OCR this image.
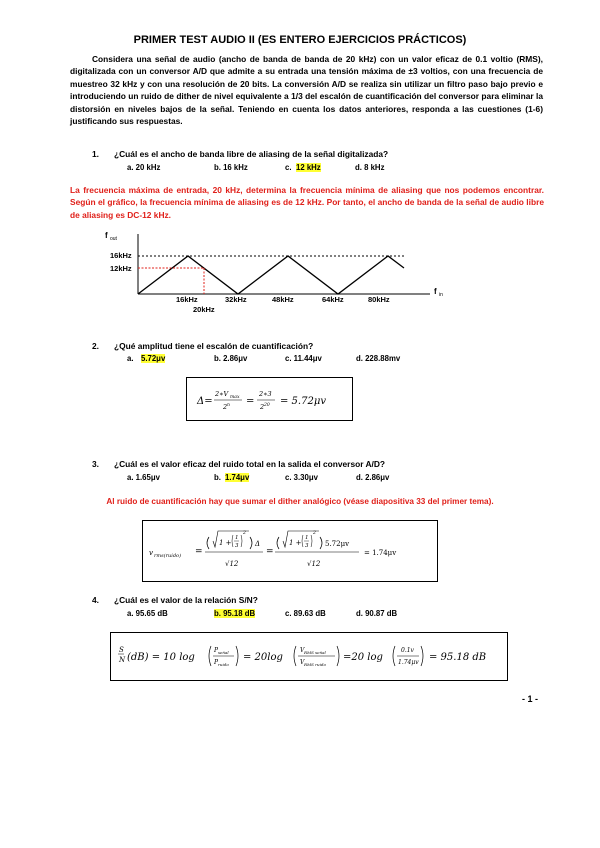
PRIMER TEST AUDIO II (ES ENTERO EJERCICIOS PRÁCTICOS)
Considera una señal de audio (ancho de banda de banda de 20 kHz) con un valor eficaz de 0.1 voltio (RMS), digitalizada con un conversor A/D que admite a su entrada una tensión máxima de ±3 voltios, con una frecuencia de muestreo 32 kHz y con una resolución de 20 bits. La conversión A/D se realiza sin utilizar un filtro paso bajo previo e introduciendo un ruido de dither de nivel equivalente a 1/3 del escalón de cuantificación del conversor para eliminar la distorsión en niveles bajos de la señal. Teniendo en cuenta los datos anteriores, responda a las cuestiones (1-6) justificando sus respuestas.
1. ¿Cuál es el ancho de banda libre de aliasing de la señal digitalizada?
a. 20 kHz	b. 16 kHz	c. 12 kHz	d. 8 kHz
La frecuencia máxima de entrada, 20 kHz, determina la frecuencia mínima de aliasing que nos podemos encontrar. Según el gráfico, la frecuencia mínima de aliasing es de 12 kHz. Por tanto, el ancho de banda de la señal de audio libre de aliasing es DC-12 kHz.
f out
16kHz
12kHz
16kHz
20kHz
32kHz	48kHz	64kHz	80kHz
f in
2. ¿Qué amplitud tiene el escalón de cuantificación?
a. 5.72μv	b. 2.86μv	c. 11.44μv	d. 228.88mv
Δ=
2∗V max
2 n =
2∗3
2 20 = 5.72μv
3. ¿Cuál es el valor eficaz del ruido total en la salida el conversor A/D?
a. 1.65μv	b. 1.74μv	c. 3.30μv	d. 2.86μv
Al ruido de cuantificación hay que sumar el dither analógico (véase diapositiva 33 del primer tema).
v rms(ruido) =
1 +
1
3
2
Δ
√12
=
1 +
1
3
2
5.72μv
√12
= 1.74μv
4. ¿Cuál es el valor de la relación S/N?
a. 95.65 dB	b. 95.18 dB	c. 89.63 dB	d. 90.87 dB
S
N (dB) = 10 log
P señal
P ruido
= 20log
V RMS señal
V RMS ruido
=20 log
0.1v
1.74μv = 95.18 dB
- 1 -
